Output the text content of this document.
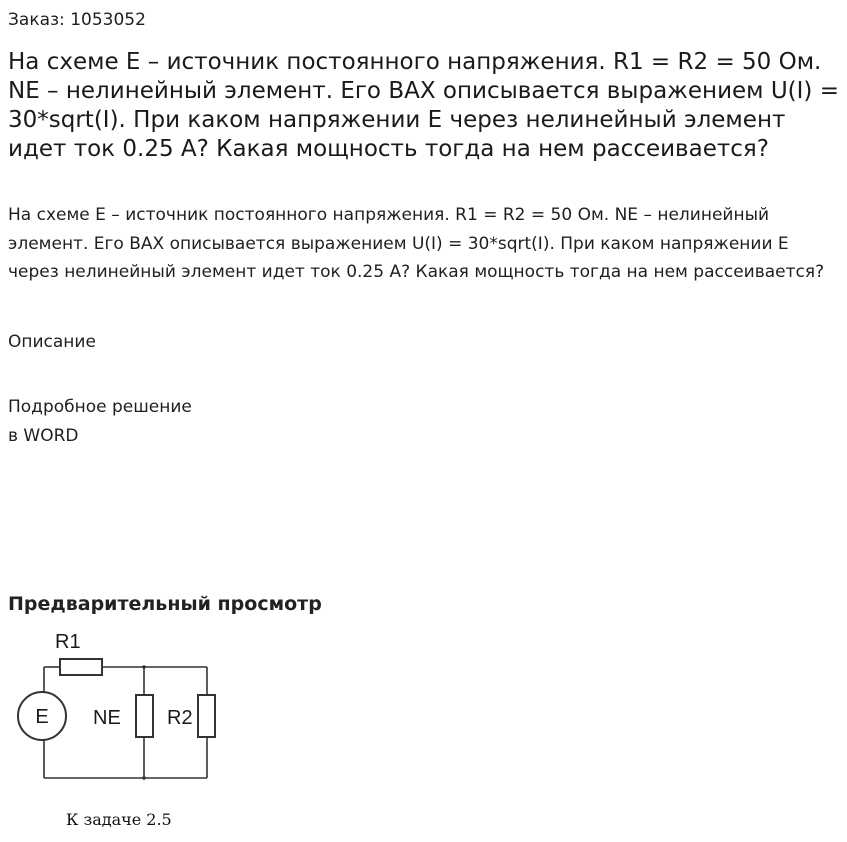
Заказ: 1053052
На схеме E – источник постоянного напряжения. R1 = R2 = 50 Ом. NE – нелинейный элемент. Его ВАХ описывается выражением U(I) = 30*sqrt(I). При каком напряжении E через нелинейный элемент идет ток 0.25 А? Какая мощность тогда на нем рассеивается?

На схеме E – источник постоянного напряжения. R1 = R2 = 50 Ом. NE – нелинейный элемент. Его ВАХ описывается выражением U(I) = 30*sqrt(I). При каком напряжении E через нелинейный элемент идет ток 0.25 А? Какая мощность тогда на нем рассеивается?

Описание
Подробное решение
в WORD
Предварительный просмотр
R1
E NE R2
К задаче 2.5
